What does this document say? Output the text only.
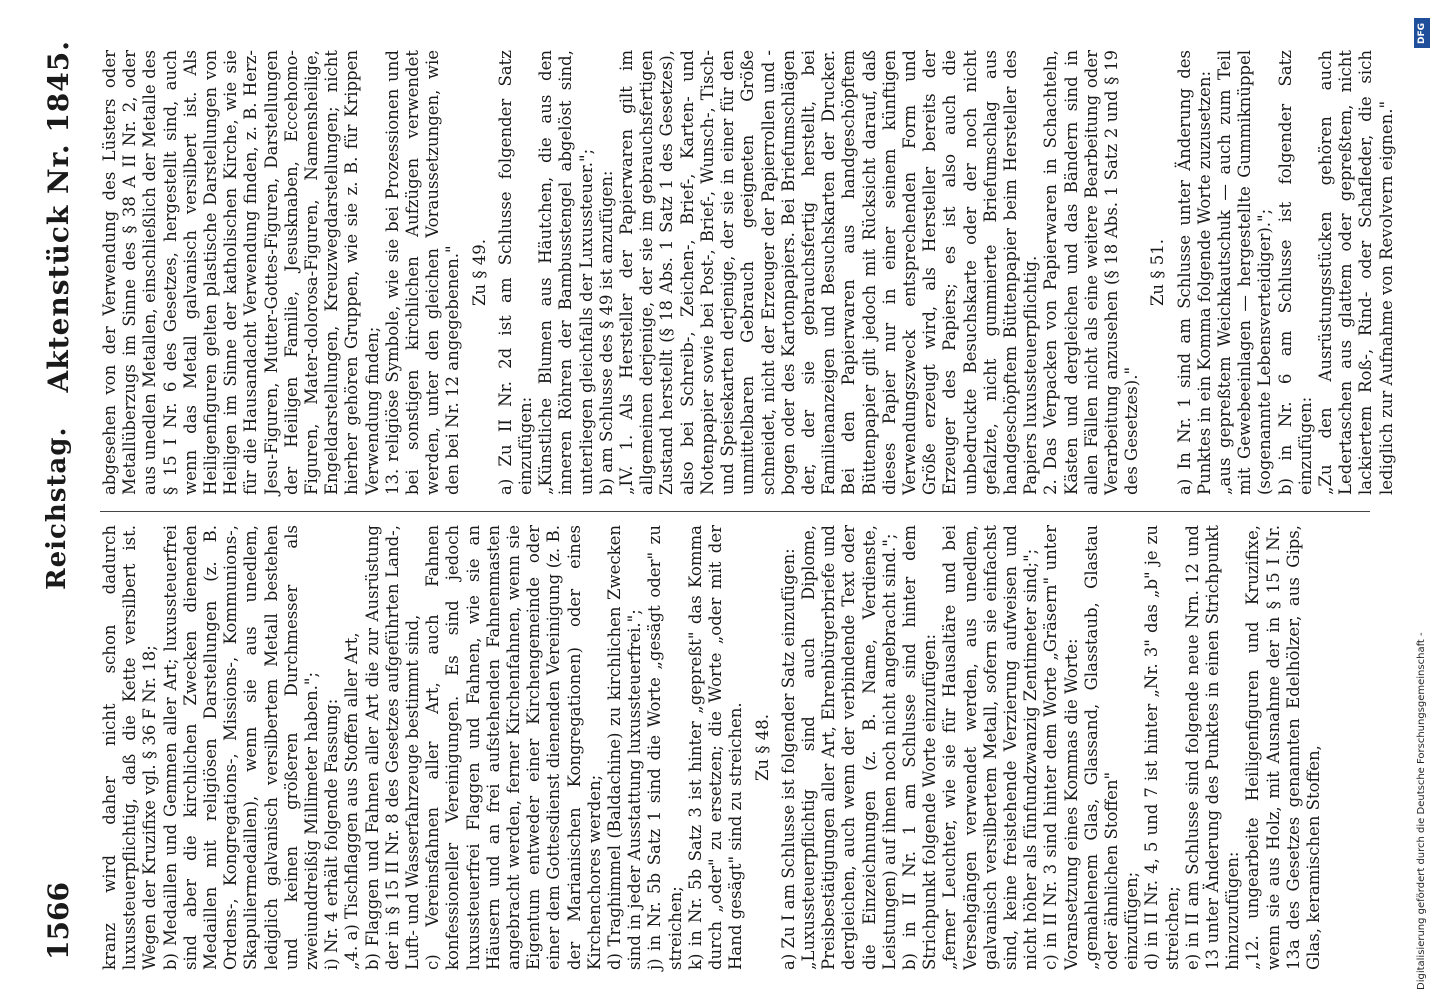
1566
Reichstag.
Aktenstück Nr. 1845.

kranz wird daher nicht schon dadurch luxussteuerpflichtig, daß die Kette versilbert ist. Wegen der Kruzifixe vgl. § 36 F Nr. 18; b) Medaillen und Gemmen aller Art; luxussteuerfrei sind aber die kirchlichen Zwecken dienenden Medaillen mit religiösen Darstellungen (z. B. Ordens-, Kongregations-, Missions-, Kommunions-, Skapuliermedaillen), wenn sie aus unedlem, lediglich galvanisch versilbertem Metall bestehen und keinen größeren Durchmesser als zweiunddreißig Millimeter haben."; i) Nr. 4 erhält folgende Fassung: „4. a) Tischflaggen aus Stoffen aller Art, b) Flaggen und Fahnen aller Art die zur Ausrüstung der in § 15 II Nr. 8 des Gesetzes aufgeführten Land-, Luft- und Wasserfahrzeuge bestimmt sind, c) Vereinsfahnen aller Art, auch Fahnen konfessioneller Vereinigungen. Es sind jedoch luxussteuerfrei Flaggen und Fahnen, wie sie an Häusern und an frei aufstehenden Fahnenmasten angebracht werden, ferner Kirchenfahnen, wenn sie Eigentum entweder einer Kirchengemeinde oder einer dem Gottesdienst dienenden Vereinigung (z. B. der Marianischen Kongregationen) oder eines Kirchenchores werden; d) Traghimmel (Baldachine) zu kirchlichen Zwecken sind in jeder Ausstattung luxussteuerfrei."; j) in Nr. 5b Satz 1 sind die Worte „gesägt oder" zu streichen; k) in Nr. 5b Satz 3 ist hinter „gepreßt" das Komma durch „oder" zu ersetzen; die Worte „oder mit der Hand gesägt" sind zu streichen. Zu § 48. a) Zu I am Schlusse ist folgender Satz einzufügen: „Luxussteuerpflichtig sind auch Diplome, Preisbestätigungen aller Art, Ehrenbürgerbriefe und dergleichen, auch wenn der verbindende Text oder die Einzeichnungen (z. B. Name, Verdienste, Leistungen) auf ihnen noch nicht angebracht sind."; b) in II Nr. 1 am Schlusse sind hinter dem Strichpunkt folgende Worte einzufügen: „ferner Leuchter, wie sie für Hausaltäre und bei Versehgängen verwendet werden, aus unedlem, galvanisch versilbertem Metall, sofern sie einfachst sind, keine freistehende Verzierung aufweisen und nicht höher als fünfundzwanzig Zentimeter sind;"; c) in II Nr. 3 sind hinter dem Worte „Gräsern" unter Voransetzung eines Kommas die Worte: „gemahlenem Glas, Glassand, Glasstaub, Glastau oder ähnlichen Stoffen" einzufügen; d) in II Nr. 4, 5 und 7 ist hinter „Nr. 3" das „b" je zu streichen; e) in II am Schlusse sind folgende neue Nrn. 12 und 13 unter Änderung des Punktes in einen Strichpunkt hinzuzufügen: „12. ungearbeite Heiligenfiguren und Kruzifixe, wenn sie aus Holz, mit Ausnahme der in § 15 I Nr. 13a des Gesetzes genannten Edelhölzer, aus Gips, Glas, keramischen Stoffen,

abgesehen von der Verwendung des Lüsters oder Metallüberzugs im Sinne des § 38 A II Nr. 2, oder aus unedlen Metallen, einschließlich der Metalle des § 15 I Nr. 6 des Gesetzes, hergestellt sind, auch wenn das Metall galvanisch versilbert ist. Als Heiligenfiguren gelten plastische Darstellungen von Heiligen im Sinne der katholischen Kirche, wie sie für die Hausandacht Verwendung finden, z. B. Herz-Jesu-Figuren, Mutter-Gottes-Figuren, Darstellungen der Heiligen Familie, Jesusknaben, Eccehomo-Figuren, Mater-dolorosa-Figuren, Namensheilige, Engeldarstellungen, Kreuzwegdarstellungen; nicht hierher gehören Gruppen, wie sie z. B. für Krippen Verwendung finden; 13. religiöse Symbole, wie sie bei Prozessionen und bei sonstigen kirchlichen Aufzügen verwendet werden, unter den gleichen Voraussetzungen, wie den bei Nr. 12 angegebenen." Zu § 49. a) Zu II Nr. 2d ist am Schlusse folgender Satz einzufügen: „Künstliche Blumen aus Häutchen, die aus den inneren Röhren der Bambusstengel abgelöst sind, unterliegen gleichfalls der Luxussteuer."; b) am Schlusse des § 49 ist anzufügen: „IV. 1. Als Hersteller der Papierwaren gilt im allgemeinen derjenige, der sie im gebrauchsfertigen Zustand herstellt (§ 18 Abs. 1 Satz 1 des Gesetzes), also bei Schreib-, Zeichen-, Brief-, Karten- und Notenpapier sowie bei Post-, Brief-, Wunsch-, Tisch- und Speisekarten derjenige, der sie in einer für den unmittelbaren Gebrauch geeigneten Größe schneidet, nicht der Erzeuger der Papierrollen und -bogen oder des Kartonpapiers. Bei Briefumschlägen der, der sie gebrauchsfertig herstellt, bei Familienanzeigen und Besuchskarten der Drucker. Bei den Papierwaren aus handgeschöpftem Büttenpapier gilt jedoch mit Rücksicht darauf, daß dieses Papier nur in einer seinem künftigen Verwendungszweck entsprechenden Form und Größe erzeugt wird, als Hersteller bereits der Erzeuger des Papiers; es ist also auch die unbedruckte Besuchskarte oder der noch nicht gefalzte, nicht gummierte Briefumschlag aus handgeschöpftem Büttenpapier beim Hersteller des Papiers luxussteuerpflichtig. 2. Das Verpacken von Papierwaren in Schachteln, Kästen und dergleichen und das Bändern sind in allen Fällen nicht als eine weitere Bearbeitung oder Verarbeitung anzusehen (§ 18 Abs. 1 Satz 2 und § 19 des Gesetzes)."

Zu § 51. a) In Nr. 1 sind am Schlusse unter Änderung des Punktes in ein Komma folgende Worte zuzusetzen: „aus gepreßtem Weichkautschuk — auch zum Teil mit Gewebeeinlagen — hergestellte Gummiknüppel (sogenannte Lebensverteidiger)."; b) in Nr. 6 am Schlusse ist folgender Satz einzufügen: „Zu den Ausrüstungsstücken gehören auch Ledertaschen aus glattem oder gepreßtem, nicht lackiertem Roß-, Rind- oder Schafleder, die sich lediglich zur Aufnahme von Revolvern eignen."

DFG
Digitalisierung gefördert durch die Deutsche Forschungsgemeinschaft -
